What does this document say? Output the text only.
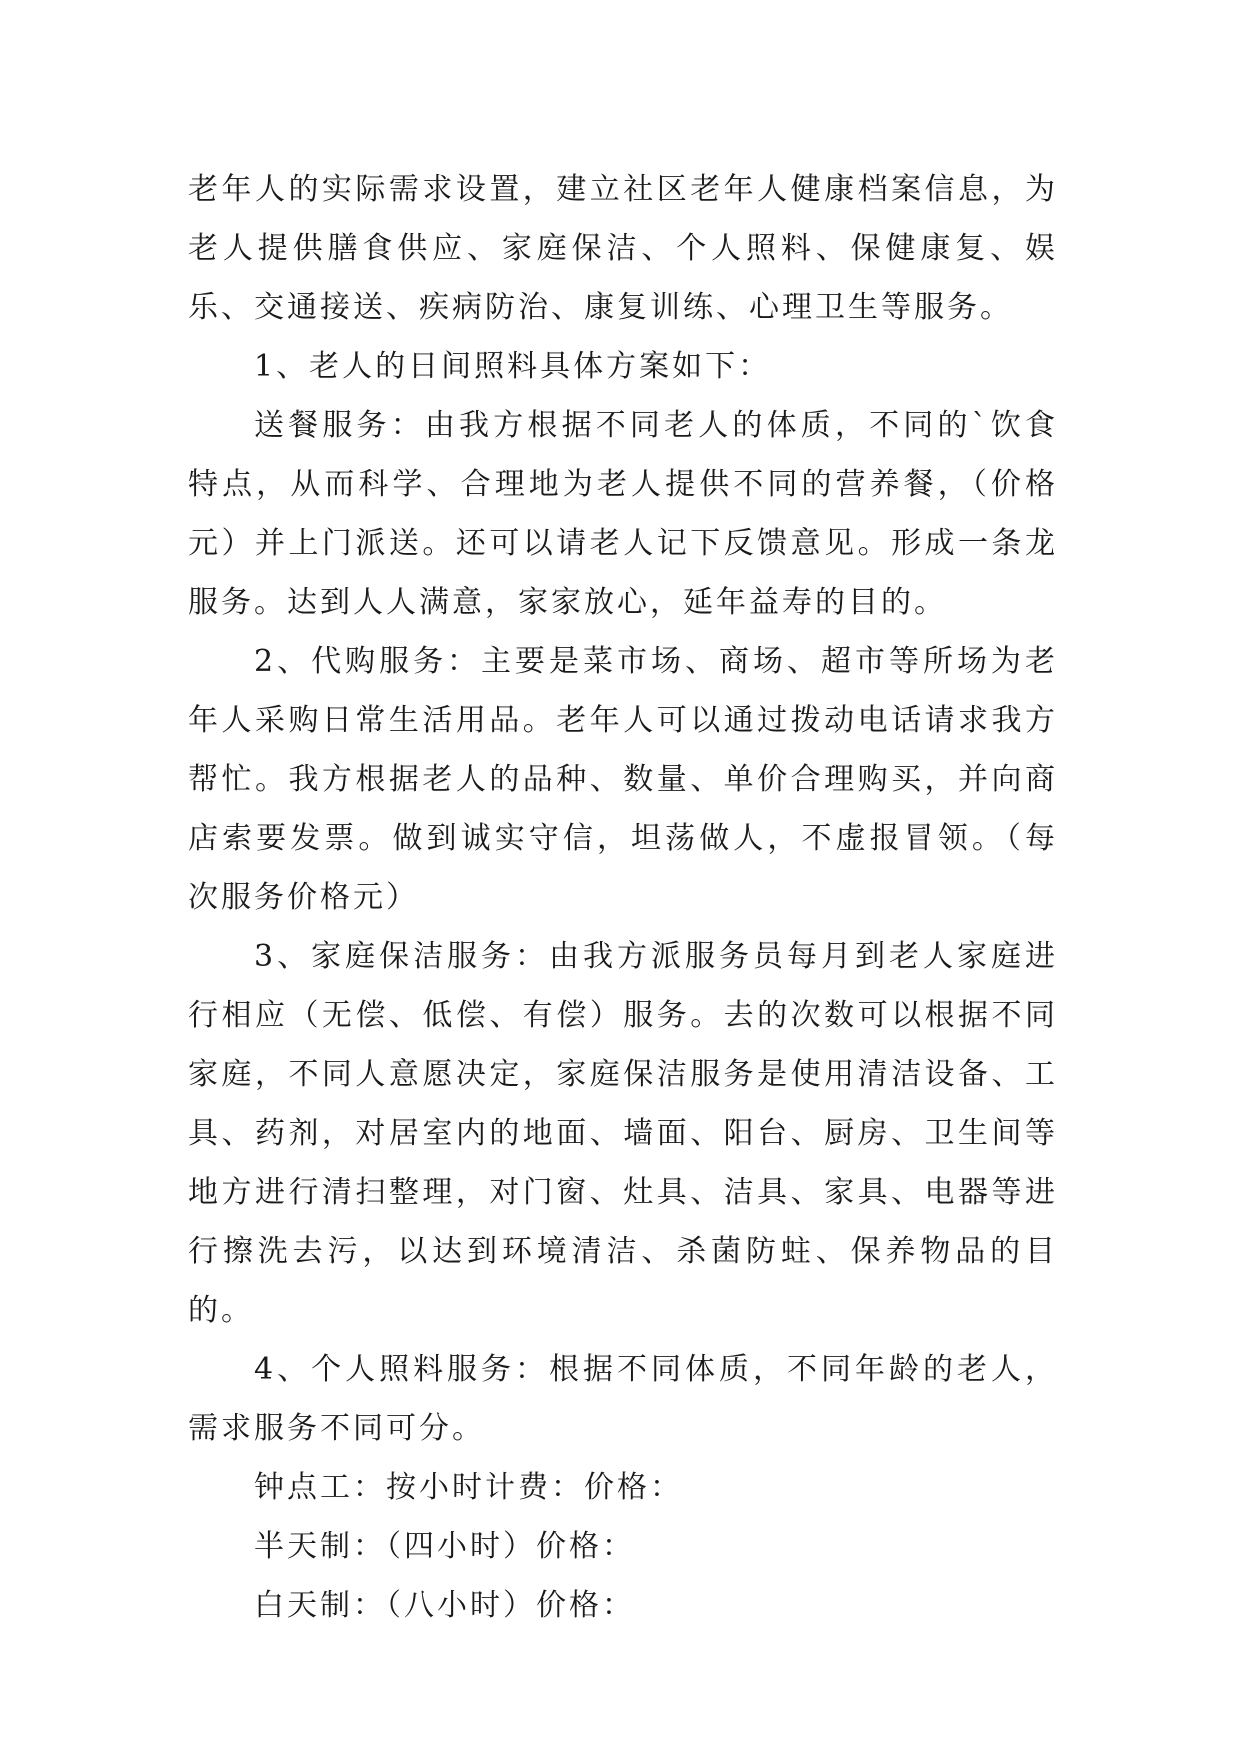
老年人的实际需求设置，建立社区老年人健康档案信息，为老人提供膳食供应、家庭保洁、个人照料、保健康复、娱乐、交通接送、疾病防治、康复训练、心理卫生等服务。

1、老人的日间照料具体方案如下：

送餐服务：由我方根据不同老人的体质，不同的`饮食特点，从而科学、合理地为老人提供不同的营养餐，（价格元）并上门派送。还可以请老人记下反馈意见。形成一条龙服务。达到人人满意，家家放心，延年益寿的目的。

2、代购服务：主要是菜市场、商场、超市等所场为老年人采购日常生活用品。老年人可以通过拨动电话请求我方帮忙。我方根据老人的品种、数量、单价合理购买，并向商店索要发票。做到诚实守信，坦荡做人，不虚报冒领。（每次服务价格元）

3、家庭保洁服务：由我方派服务员每月到老人家庭进行相应（无偿、低偿、有偿）服务。去的次数可以根据不同家庭，不同人意愿决定，家庭保洁服务是使用清洁设备、工具、药剂，对居室内的地面、墙面、阳台、厨房、卫生间等地方进行清扫整理，对门窗、灶具、洁具、家具、电器等进行擦洗去污，以达到环境清洁、杀菌防蛀、保养物品的目的。

4、个人照料服务：根据不同体质，不同年龄的老人，需求服务不同可分。

钟点工：按小时计费：价格：

半天制：（四小时）价格：

白天制：（八小时）价格：
